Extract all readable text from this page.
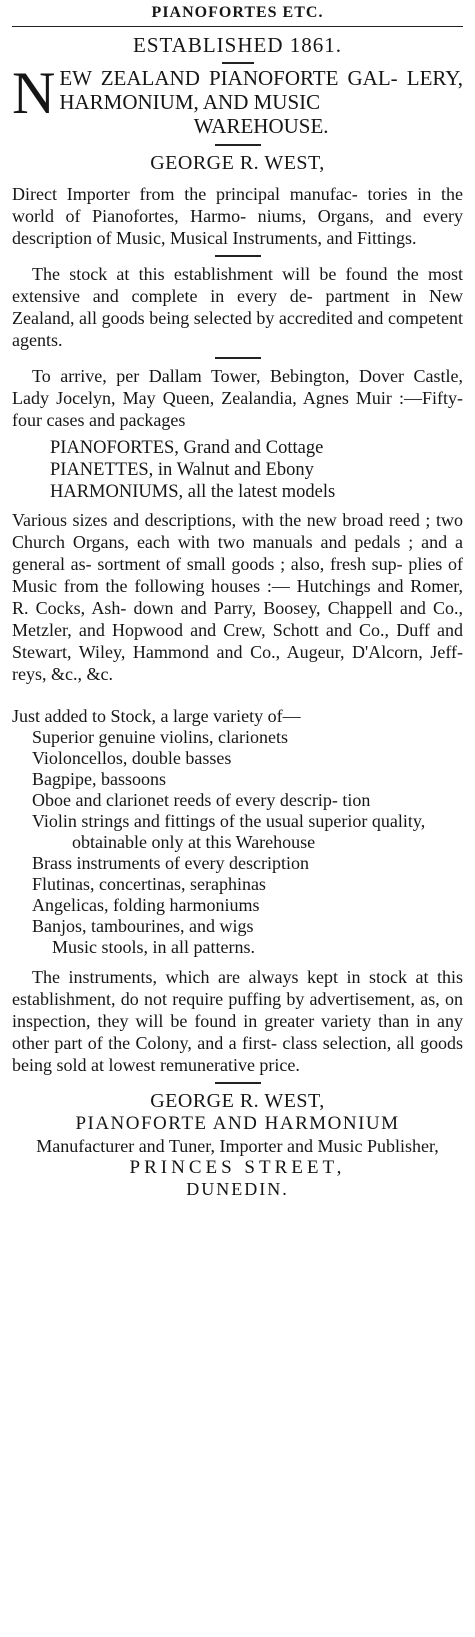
PIANOFORTES ETC.
ESTABLISHED 1861.
N EW ZEALAND PIANOFORTE GAL- LERY, HARMONIUM, AND MUSIC
WAREHOUSE.
GEORGE R. WEST,

Direct Importer from the principal manufac- tories in the world of Pianofortes, Harmo- niums, Organs, and every description of Music, Musical Instruments, and Fittings.

The stock at this establishment will be found the most extensive and complete in every de- partment in New Zealand, all goods being selected by accredited and competent agents.

To arrive, per Dallam Tower, Bebington, Dover Castle, Lady Jocelyn, May Queen, Zealandia, Agnes Muir :—Fifty-four cases and packages

PIANOFORTES, Grand and Cottage
PIANETTES, in Walnut and Ebony
HARMONIUMS, all the latest models

Various sizes and descriptions, with the new broad reed ; two Church Organs, each with two manuals and pedals ; and a general as- sortment of small goods ; also, fresh sup- plies of Music from the following houses :— Hutchings and Romer, R. Cocks, Ash- down and Parry, Boosey, Chappell and Co., Metzler, and Hopwood and Crew, Schott and Co., Duff and Stewart, Wiley, Hammond and Co., Augeur, D'Alcorn, Jeff- reys, &c., &c.

Just added to Stock, a large variety of—

Superior genuine violins, clarionets
Violoncellos, double basses
Bagpipe, bassoons
Oboe and clarionet reeds of every descrip- tion
Violin strings and fittings of the usual superior quality, obtainable only at this Warehouse
Brass instruments of every description
Flutinas, concertinas, seraphinas
Angelicas, folding harmoniums
Banjos, tambourines, and wigs
Music stools, in all patterns.

The instruments, which are always kept in stock at this establishment, do not require puffing by advertisement, as, on inspection, they will be found in greater variety than in any other part of the Colony, and a first- class selection, all goods being sold at lowest remunerative price.

GEORGE R. WEST,
PIANOFORTE AND HARMONIUM
Manufacturer and Tuner, Importer and Music Publisher,
PRINCES STREET,
DUNEDIN.
